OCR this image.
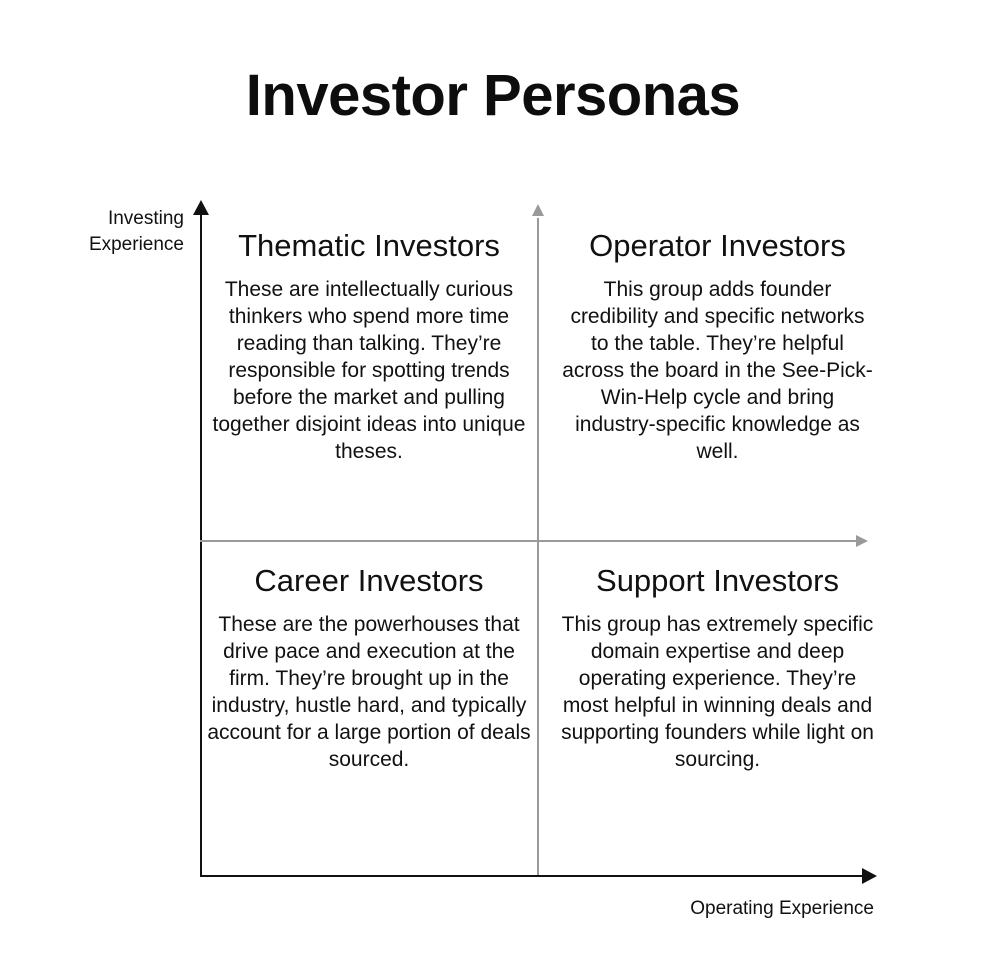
Investor Personas
Investing Experience
Operating Experience

Thematic Investors

These are intellectually curious thinkers who spend more time reading than talking. They’re responsible for spotting trends before the market and pulling together disjoint ideas into unique theses.

Operator Investors

This group adds founder credibility and specific networks to the table. They’re helpful across the board in the See-Pick-Win-Help cycle and bring industry-specific knowledge as well.

Career Investors

These are the powerhouses that drive pace and execution at the firm. They’re brought up in the industry, hustle hard, and typically account for a large portion of deals sourced.

Support Investors

This group has extremely specific domain expertise and deep operating experience. They’re most helpful in winning deals and supporting founders while light on sourcing.
